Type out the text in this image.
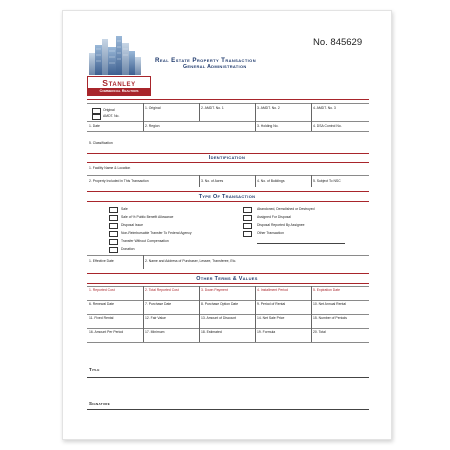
No. 845629
Real Estate Property Transaction
General Administration
Stanley
Commercial Realtors
Original
AMDT. No.
1. Original	2. AMDT. No. 1	3. AMDT. No. 2	4. AMDT. No. 3
1. Date	2. Region	3. Holding No.	4. DSA Control No.
5. Classification
Identification
1. Facility Name & Location
2. Property Included in This Transaction	3. No. of Acres	4. No. of Buildings	5. Subject To NSC
Type Of Transaction
Sale
Sale of % Public Benefit Allowance
Disposal Issue
Non-Reimbursable Transfer To Federal Agency
Transfer Without Compensation
Donation
Abandoned, Demolished or Destroyed
Assigned For Disposal
Disposal Reported By Assignee
Other Transaction
1. Effective Date	2. Name and Address of Purchaser, Lessee, Transferee, Etc.
Other Terms & Values
1. Reported Cost	2. Total Reported Cost	3. Down Payment	4. Installment Period	5. Expiration Date
6. Renewal Date	7. Purchase Date	8. Purchase Option Date	9. Period of Rental	10. Net Annual Rental
11. Fixed Rental	12. Fair Value	13. Amount of Discount	14. Net Sale Price	15. Number of Periods
16. Amount Per Period	17. Minimum	18. Estimated	19. Formula	20. Total
Title
Signature
